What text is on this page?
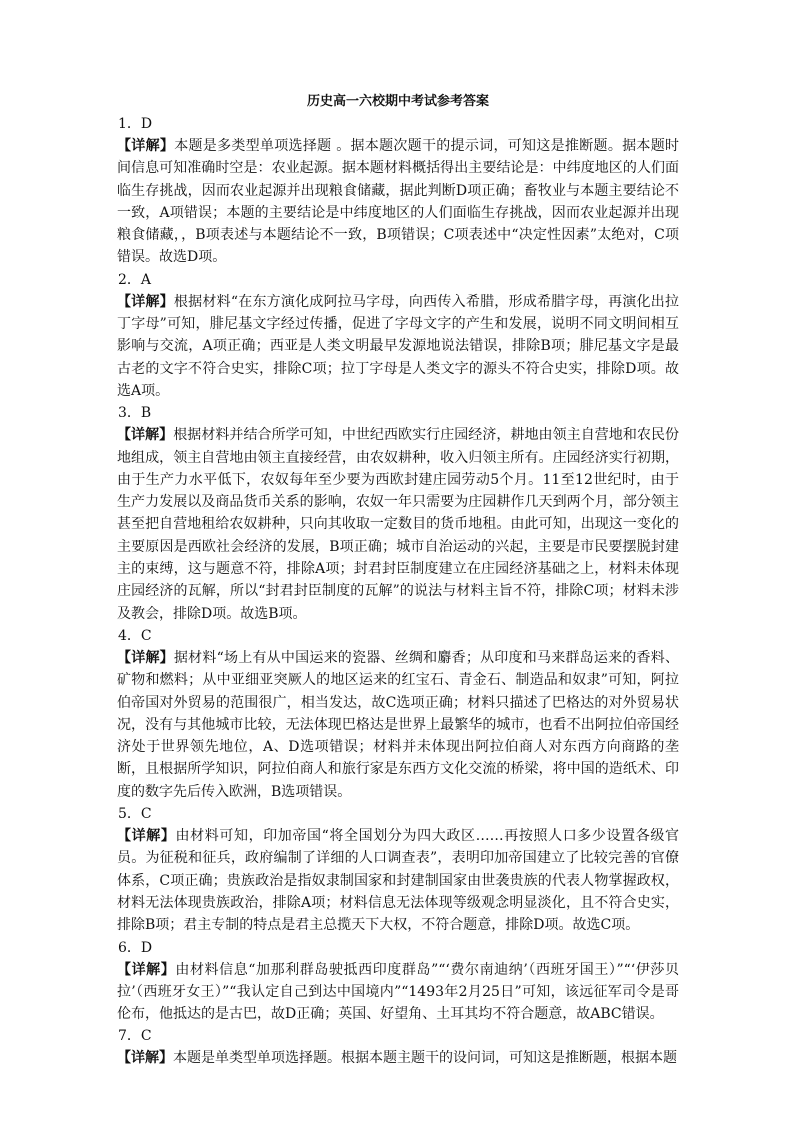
历史高一六校期中考试参考答案

1．D

【详解】本题是多类型单项选择题 。据本题次题干的提示词，可知这是推断题。据本题时间信息可知准确时空是：农业起源。据本题材料概括得出主要结论是：中纬度地区的人们面临生存挑战，因而农业起源并出现粮食储藏，据此判断D项正确；畜牧业与本题主要结论不一致，A项错误；本题的主要结论是中纬度地区的人们面临生存挑战，因而农业起源并出现粮食储藏，，B项表述与本题结论不一致，B项错误；C项表述中“决定性因素”太绝对，C项错误。故选D项。

2．A

【详解】根据材料“在东方演化成阿拉马字母，向西传入希腊，形成希腊字母，再演化出拉丁字母”可知，腓尼基文字经过传播，促进了字母文字的产生和发展，说明不同文明间相互影响与交流，A项正确；西亚是人类文明最早发源地说法错误，排除B项；腓尼基文字是最古老的文字不符合史实，排除C项；拉丁字母是人类文字的源头不符合史实，排除D项。故选A项。

3．B

【详解】根据材料并结合所学可知，中世纪西欧实行庄园经济，耕地由领主自营地和农民份地组成，领主自营地由领主直接经营，由农奴耕种，收入归领主所有。庄园经济实行初期，由于生产力水平低下，农奴每年至少要为西欧封建庄园劳动5个月。11至12世纪时，由于生产力发展以及商品货币关系的影响，农奴一年只需要为庄园耕作几天到两个月，部分领主甚至把自营地租给农奴耕种，只向其收取一定数目的货币地租。由此可知，出现这一变化的主要原因是西欧社会经济的发展，B项正确；城市自治运动的兴起，主要是市民要摆脱封建主的束缚，这与题意不符，排除A项；封君封臣制度建立在庄园经济基础之上，材料未体现庄园经济的瓦解，所以“封君封臣制度的瓦解”的说法与材料主旨不符，排除C项；材料未涉及教会，排除D项。故选B项。

4．C

【详解】据材料“场上有从中国运来的瓷器、丝绸和麝香；从印度和马来群岛运来的香料、矿物和燃料；从中亚细亚突厥人的地区运来的红宝石、青金石、制造品和奴隶”可知，阿拉伯帝国对外贸易的范围很广，相当发达，故C选项正确；材料只描述了巴格达的对外贸易状况，没有与其他城市比较，无法体现巴格达是世界上最繁华的城市，也看不出阿拉伯帝国经济处于世界领先地位，A、D选项错误；材料并未体现出阿拉伯商人对东西方向商路的垄断，且根据所学知识，阿拉伯商人和旅行家是东西方文化交流的桥梁，将中国的造纸术、印度的数字先后传入欧洲，B选项错误。

5．C

【详解】由材料可知，印加帝国“将全国划分为四大政区……再按照人口多少设置各级官员。为征税和征兵，政府编制了详细的人口调查表”，表明印加帝国建立了比较完善的官僚体系，C项正确；贵族政治是指奴隶制国家和封建制国家由世袭贵族的代表人物掌握政权，材料无法体现贵族政治，排除A项；材料信息无法体现等级观念明显淡化，且不符合史实，排除B项；君主专制的特点是君主总揽天下大权，不符合题意，排除D项。故选C项。

6．D

【详解】由材料信息“加那利群岛驶抵西印度群岛”“‘费尔南迪纳’（西班牙国王）”“‘伊莎贝拉’（西班牙女王）”“我认定自己到达中国境内”“1493年2月25日”可知，该远征军司令是哥伦布，他抵达的是古巴，故D正确；英国、好望角、土耳其均不符合题意，故ABC错误。

7．C

【详解】本题是单类型单项选择题。根据本题主题干的设问词，可知这是推断题，根据本题
